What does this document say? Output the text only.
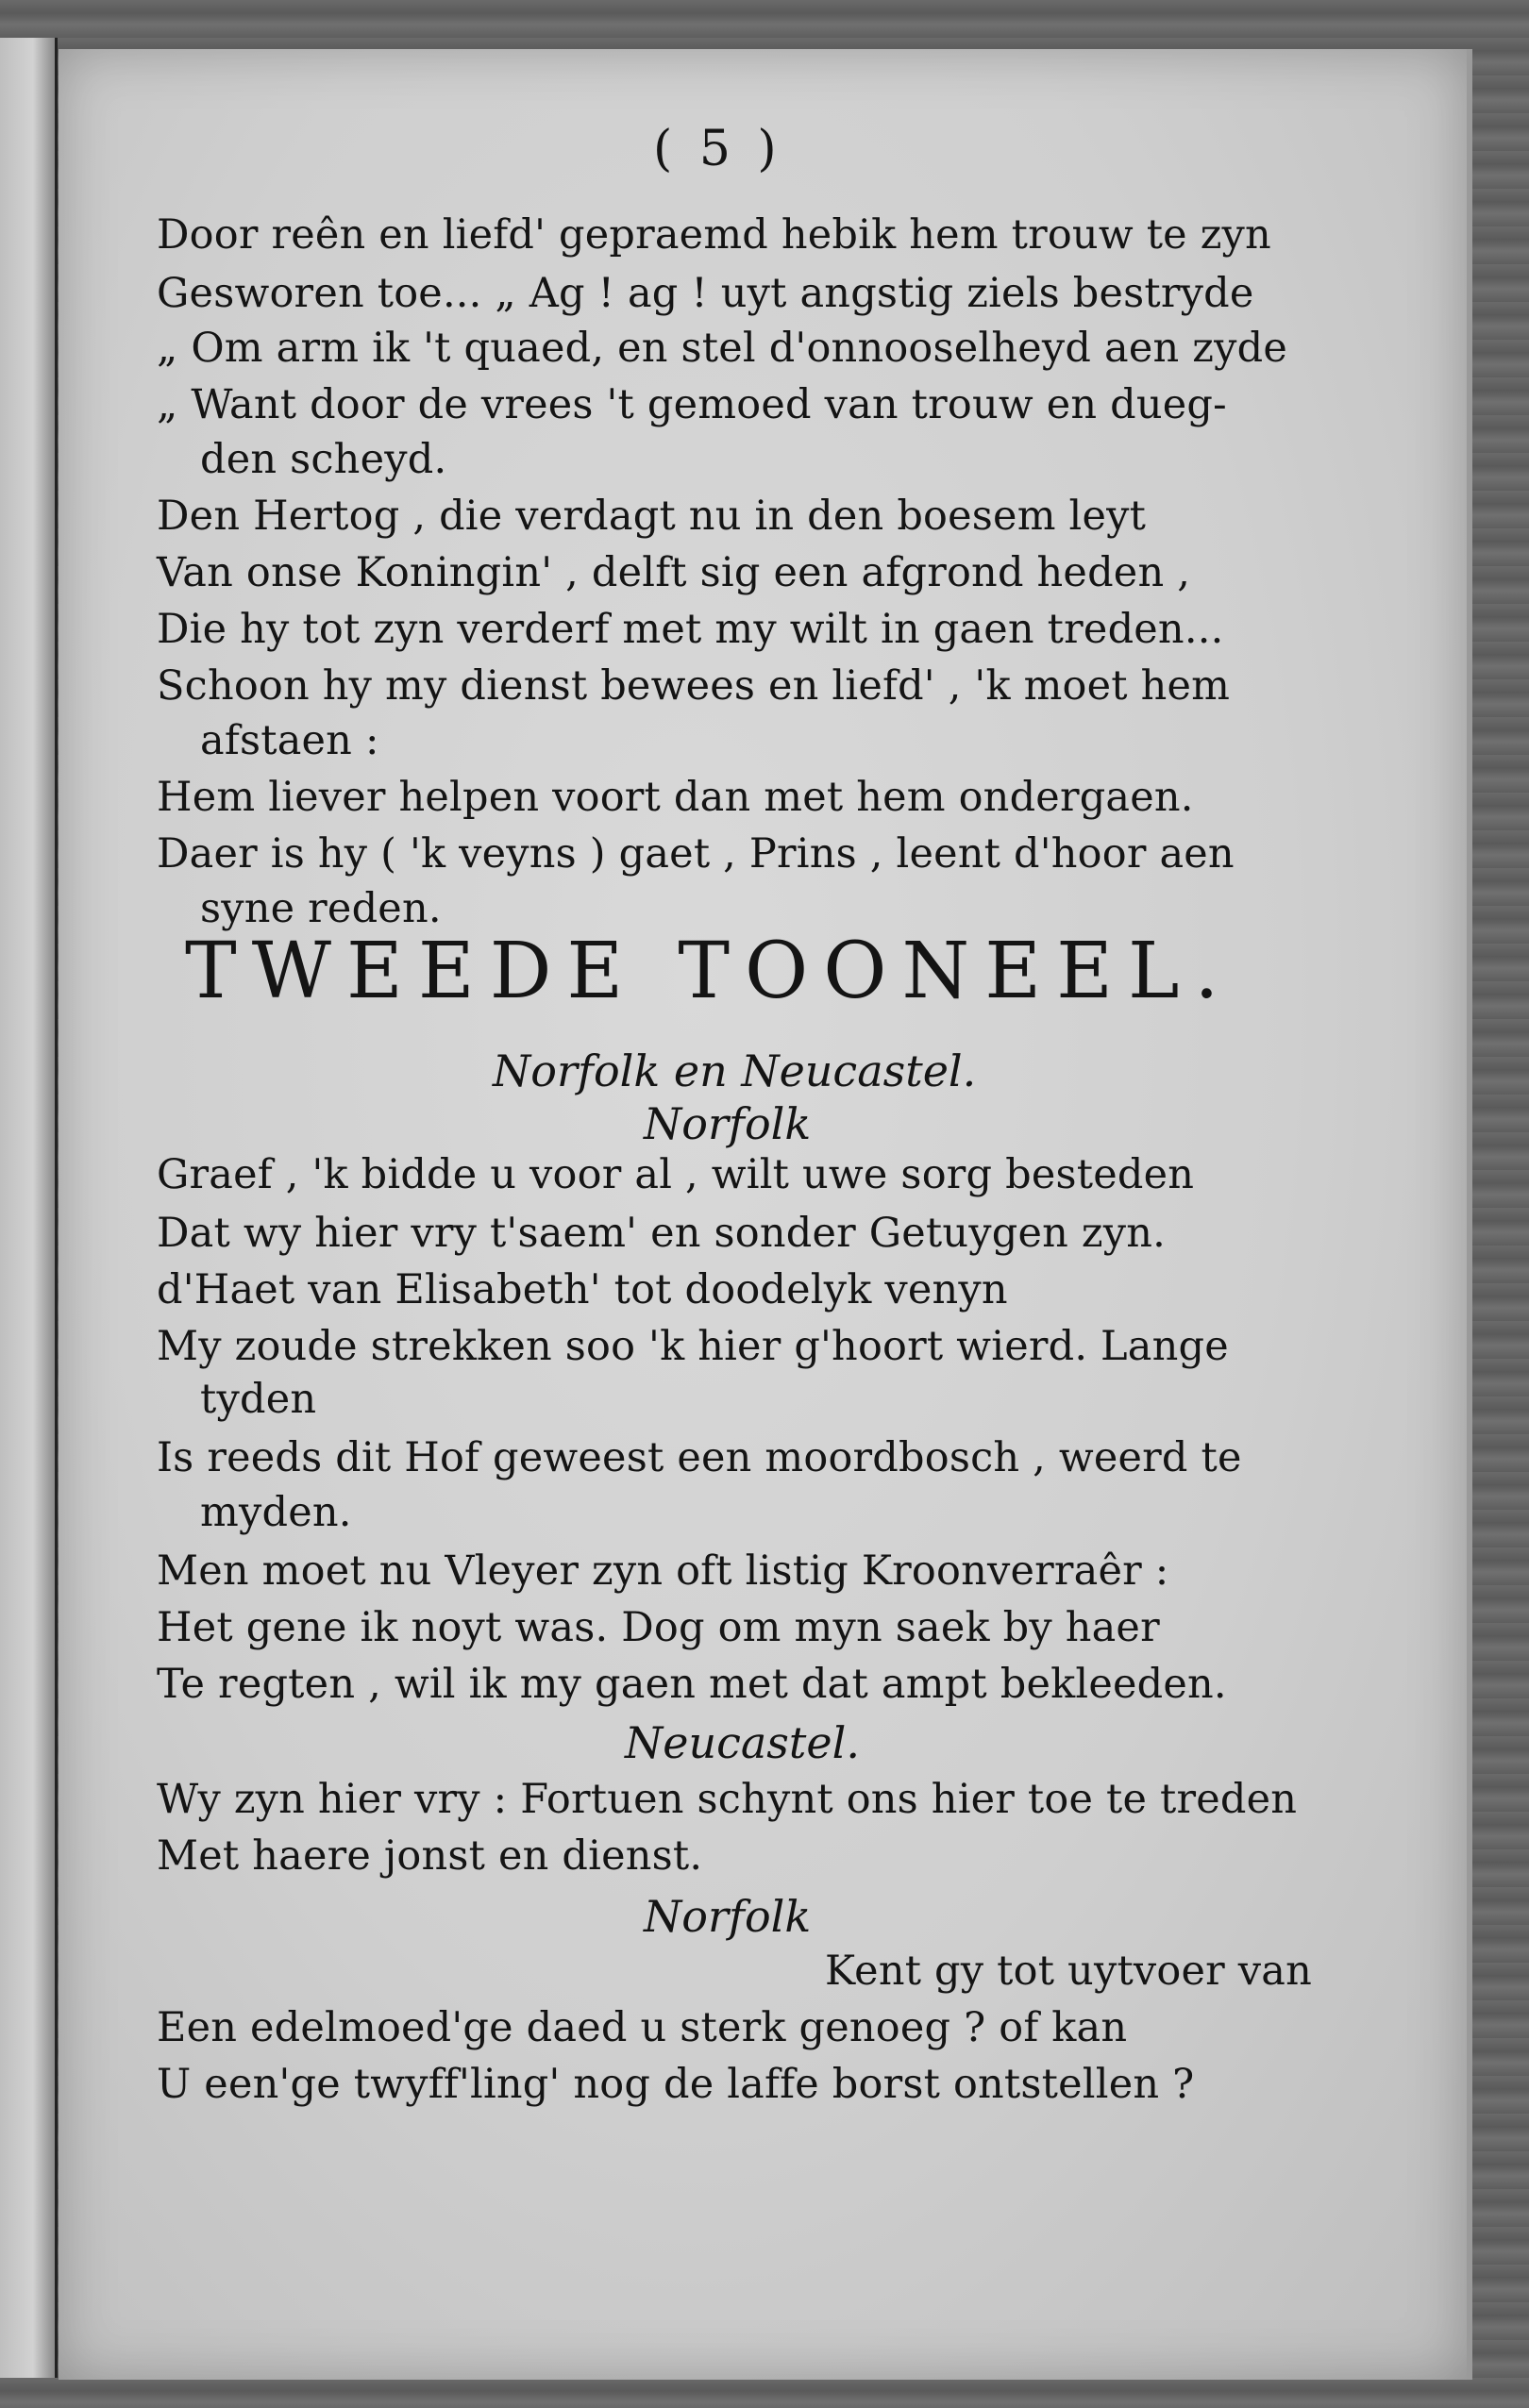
( 5 )
Door reên en liefd' gepraemd hebik hem trouw te zyn
Gesworen toe... „ Ag ! ag ! uyt angstig ziels bestryde
„ Om arm ik 't quaed, en stel d'onnooselheyd aen zyde
„ Want door de vrees 't gemoed van trouw en dueg-
den scheyd.
Den Hertog , die verdagt nu in den boesem leyt
Van onse Koningin' , delft sig een afgrond heden ,
Die hy tot zyn verderf met my wilt in gaen treden...
Schoon hy my dienst bewees en liefd' , 'k moet hem
afstaen :
Hem liever helpen voort dan met hem ondergaen.
Daer is hy ( 'k veyns ) gaet , Prins , leent d'hoor aen
syne reden.
TWEEDE TOONEEL.
Norfolk en Neucastel.
Norfolk
Graef , 'k bidde u voor al , wilt uwe sorg besteden
Dat wy hier vry t'saem' en sonder Getuygen zyn.
d'Haet van Elisabeth' tot doodelyk venyn
My zoude strekken soo 'k hier g'hoort wierd. Lange
tyden
Is reeds dit Hof geweest een moordbosch , weerd te
myden.
Men moet nu Vleyer zyn oft listig Kroonverraêr :
Het gene ik noyt was. Dog om myn saek by haer
Te regten , wil ik my gaen met dat ampt bekleeden.
Neucastel.
Wy zyn hier vry : Fortuen schynt ons hier toe te treden
Met haere jonst en dienst.
Norfolk
Kent gy tot uytvoer van
Een edelmoed'ge daed u sterk genoeg ? of kan
U een'ge twyff'ling' nog de laffe borst ontstellen ?
